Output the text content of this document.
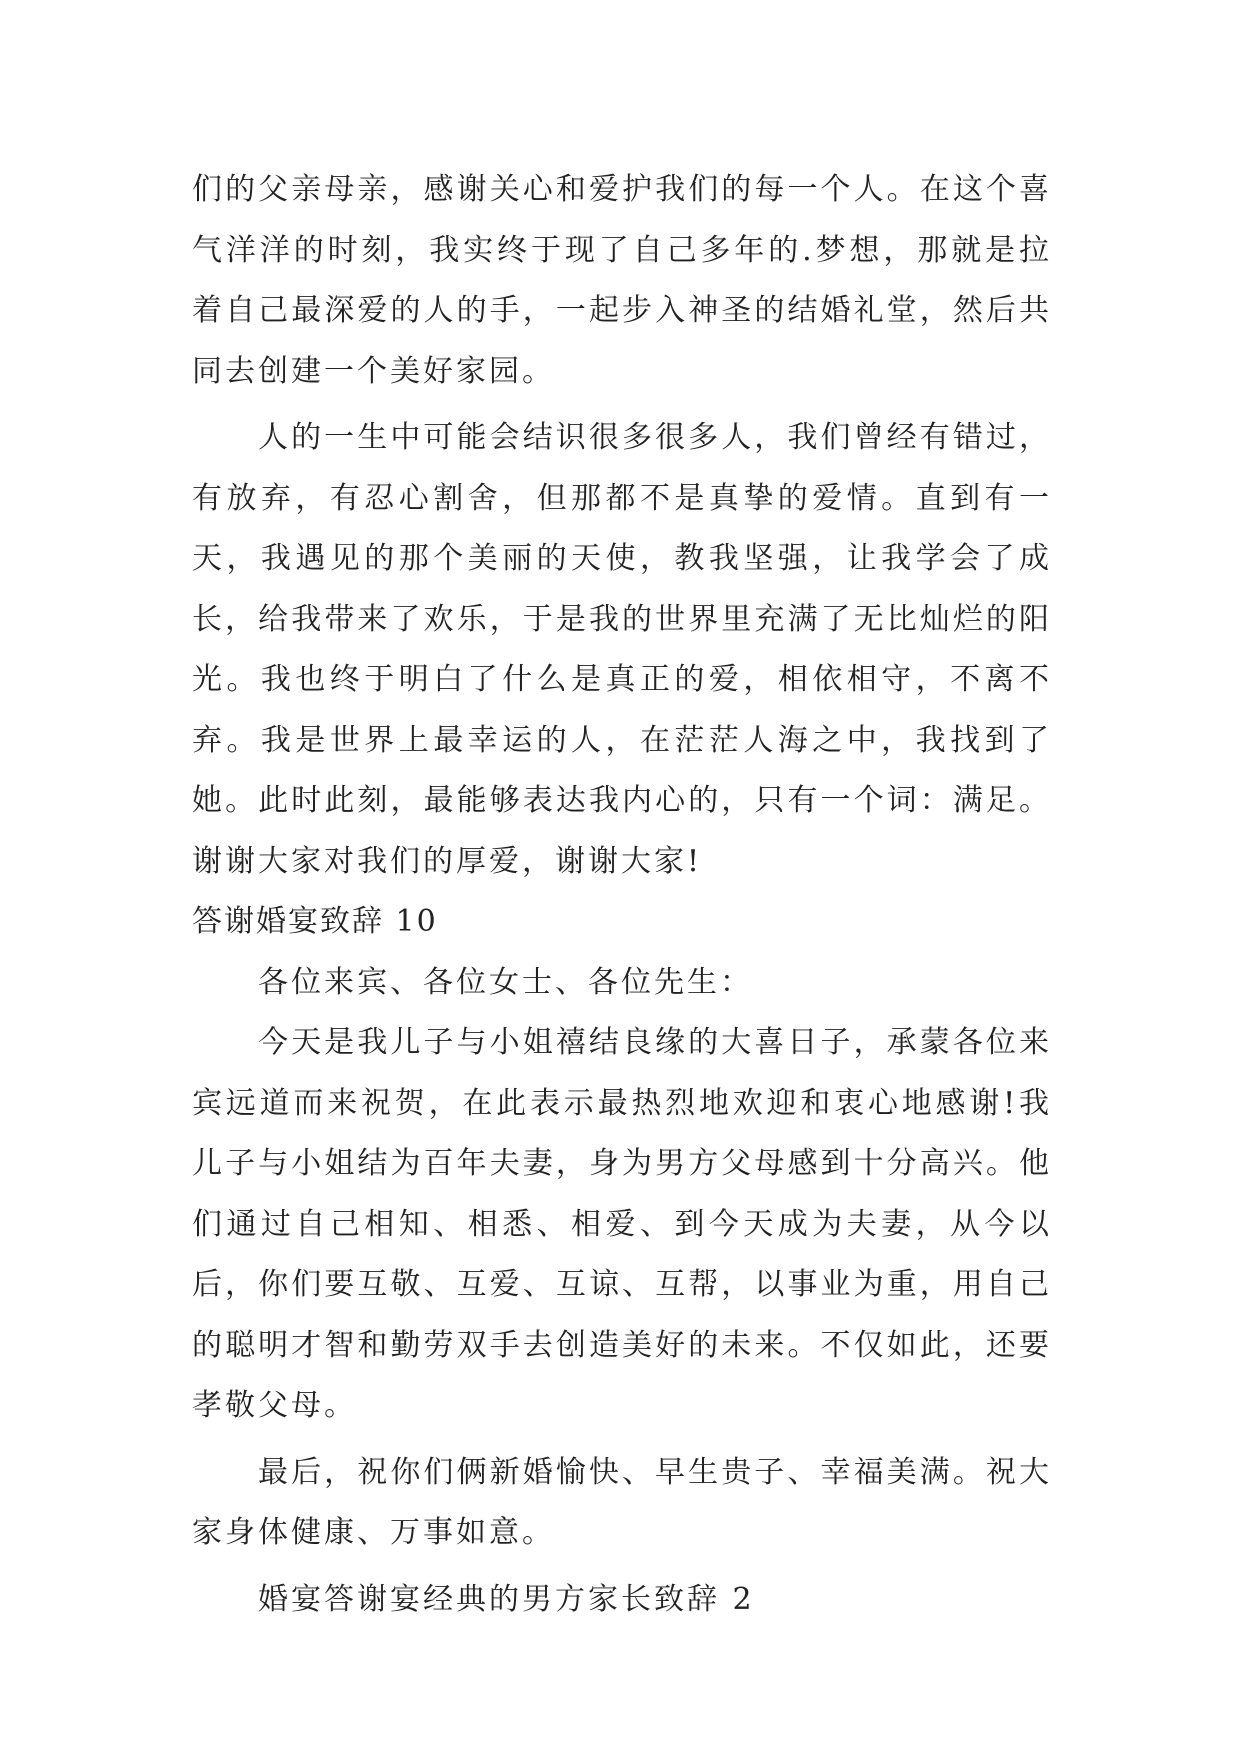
们的父亲母亲，感谢关心和爱护我们的每一个人。在这个喜气洋洋的时刻，我实终于现了自己多年的.梦想，那就是拉着自己最深爱的人的手，一起步入神圣的结婚礼堂，然后共同去创建一个美好家园。

人的一生中可能会结识很多很多人，我们曾经有错过，有放弃，有忍心割舍，但那都不是真挚的爱情。直到有一天，我遇见的那个美丽的天使，教我坚强，让我学会了成长，给我带来了欢乐，于是我的世界里充满了无比灿烂的阳光。我也终于明白了什么是真正的爱，相依相守，不离不弃。我是世界上最幸运的人，在茫茫人海之中，我找到了她。此时此刻，最能够表达我内心的，只有一个词：满足。谢谢大家对我们的厚爱，谢谢大家!

答谢婚宴致辞 10

各位来宾、各位女士、各位先生：

今天是我儿子与小姐禧结良缘的大喜日子，承蒙各位来宾远道而来祝贺，在此表示最热烈地欢迎和衷心地感谢!我儿子与小姐结为百年夫妻，身为男方父母感到十分高兴。他们通过自己相知、相悉、相爱、到今天成为夫妻，从今以后，你们要互敬、互爱、互谅、互帮，以事业为重，用自己的聪明才智和勤劳双手去创造美好的未来。不仅如此，还要孝敬父母。

最后，祝你们俩新婚愉快、早生贵子、幸福美满。祝大家身体健康、万事如意。

婚宴答谢宴经典的男方家长致辞 2
